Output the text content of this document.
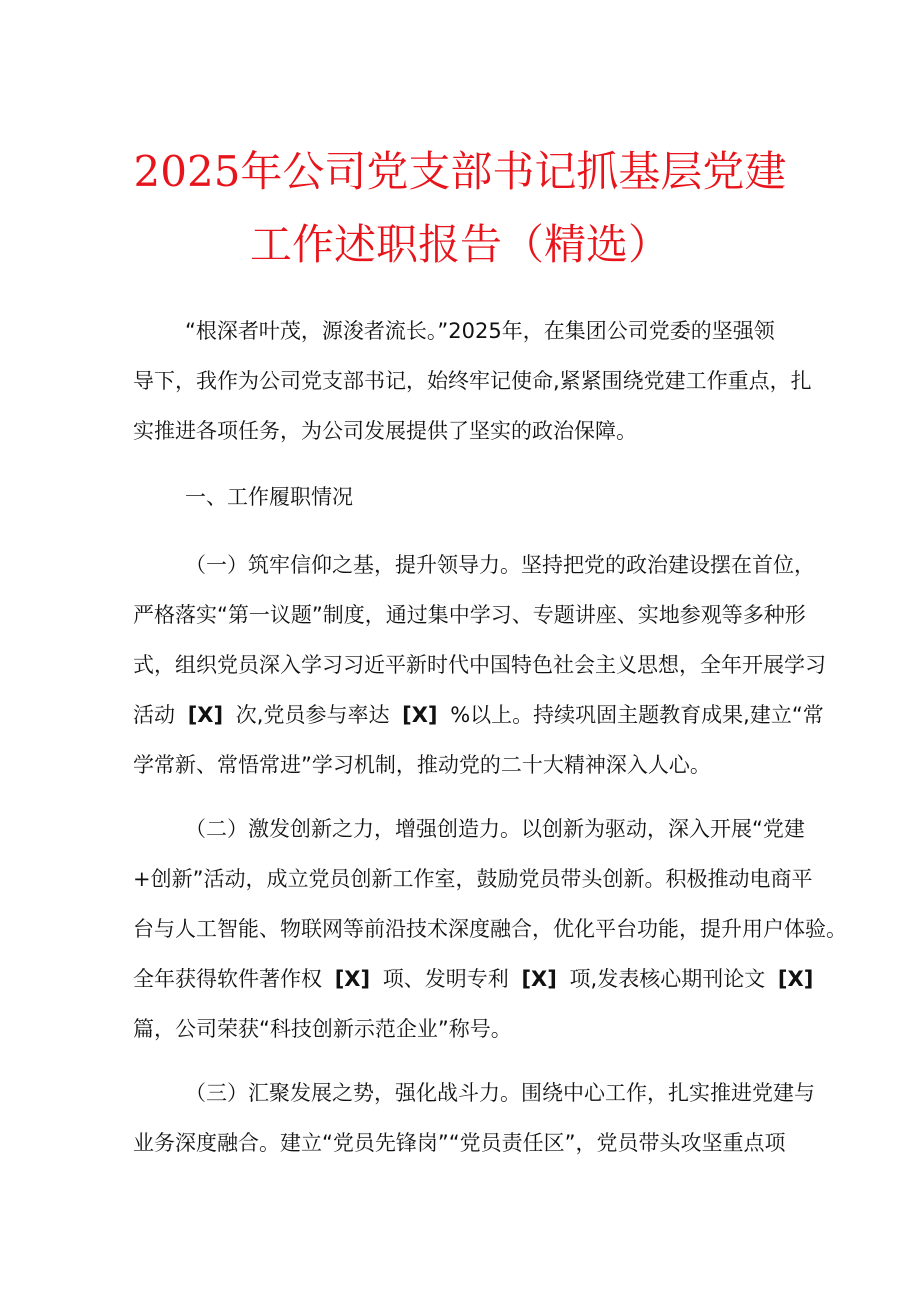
2025年公司党支部书记抓基层党建
工作述职报告（精选）
“根深者叶茂，源浚者流长。”2025年，在集团公司党委的坚强领
导下，我作为公司党支部书记，始终牢记使命,紧紧围绕党建工作重点，扎
实推进各项任务，为公司发展提供了坚实的政治保障。
一、工作履职情况
（一）筑牢信仰之基，提升领导力。坚持把党的政治建设摆在首位，
严格落实“第一议题”制度，通过集中学习、专题讲座、实地参观等多种形
式，组织党员深入学习习近平新时代中国特色社会主义思想，全年开展学习
活动 [X] 次,党员参与率达 [X] %以上。持续巩固主题教育成果,建立“常
学常新、常悟常进”学习机制，推动党的二十大精神深入人心。
（二）激发创新之力，增强创造力。以创新为驱动，深入开展“党建
+创新”活动，成立党员创新工作室，鼓励党员带头创新。积极推动电商平
台与人工智能、物联网等前沿技术深度融合，优化平台功能，提升用户体验。
全年获得软件著作权 [X] 项、发明专利 [X] 项,发表核心期刊论文 [X]
篇，公司荣获“科技创新示范企业”称号。
（三）汇聚发展之势，强化战斗力。围绕中心工作，扎实推进党建与
业务深度融合。建立“党员先锋岗”“党员责任区”，党员带头攻坚重点项
